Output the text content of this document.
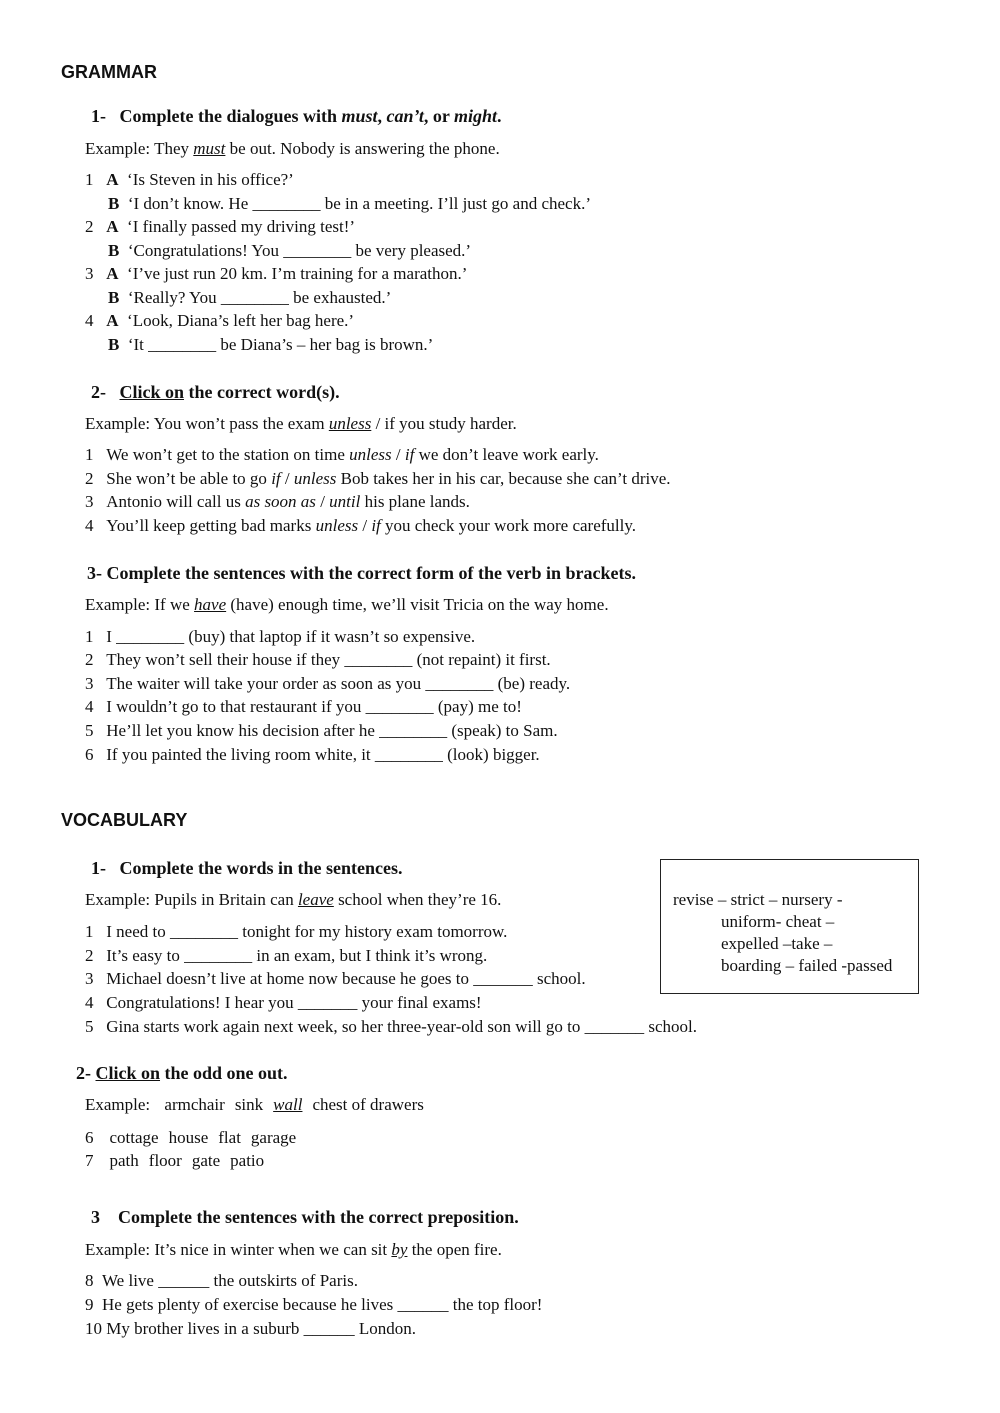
GRAMMAR
1- Complete the dialogues with must, can’t, or might.
Example: They must be out. Nobody is answering the phone.
1 A ‘Is Steven in his office?’
B ‘I don’t know. He ________ be in a meeting. I’ll just go and check.’
2 A ‘I finally passed my driving test!’
B ‘Congratulations! You ________ be very pleased.’
3 A ‘I’ve just run 20 km. I’m training for a marathon.’
B ‘Really? You ________ be exhausted.’
4 A ‘Look, Diana’s left her bag here.’
B ‘It ________ be Diana’s – her bag is brown.’
2- Click on the correct word(s).
Example: You won’t pass the exam unless / if you study harder.
1 We won’t get to the station on time unless / if we don’t leave work early.
2 She won’t be able to go if / unless Bob takes her in his car, because she can’t drive.
3 Antonio will call us as soon as / until his plane lands.
4 You’ll keep getting bad marks unless / if you check your work more carefully.
3- Complete the sentences with the correct form of the verb in brackets.
Example: If we have (have) enough time, we’ll visit Tricia on the way home.
1 I ________ (buy) that laptop if it wasn’t so expensive.
2 They won’t sell their house if they ________ (not repaint) it first.
3 The waiter will take your order as soon as you ________ (be) ready.
4 I wouldn’t go to that restaurant if you ________ (pay) me to!
5 He’ll let you know his decision after he ________ (speak) to Sam.
6 If you painted the living room white, it ________ (look) bigger.
VOCABULARY
1- Complete the words in the sentences.
Example: Pupils in Britain can leave school when they’re 16.
1 I need to ________ tonight for my history exam tomorrow.
2 It’s easy to ________ in an exam, but I think it’s wrong.
3 Michael doesn’t live at home now because he goes to _______ school.
4 Congratulations! I hear you _______ your final exams!
5 Gina starts work again next week, so her three-year-old son will go to _______ school.
revise – strict – nursery -
uniform- cheat –
expelled –take –
boarding – failed -passed
2- Click on the odd one out.
Example: armchair sink wall chest of drawers
6 cottage house flat garage
7 path floor gate patio
3 Complete the sentences with the correct preposition.
Example: It’s nice in winter when we can sit by the open fire.
8 We live ______ the outskirts of Paris.
9 He gets plenty of exercise because he lives ______ the top floor!
10 My brother lives in a suburb ______ London.
